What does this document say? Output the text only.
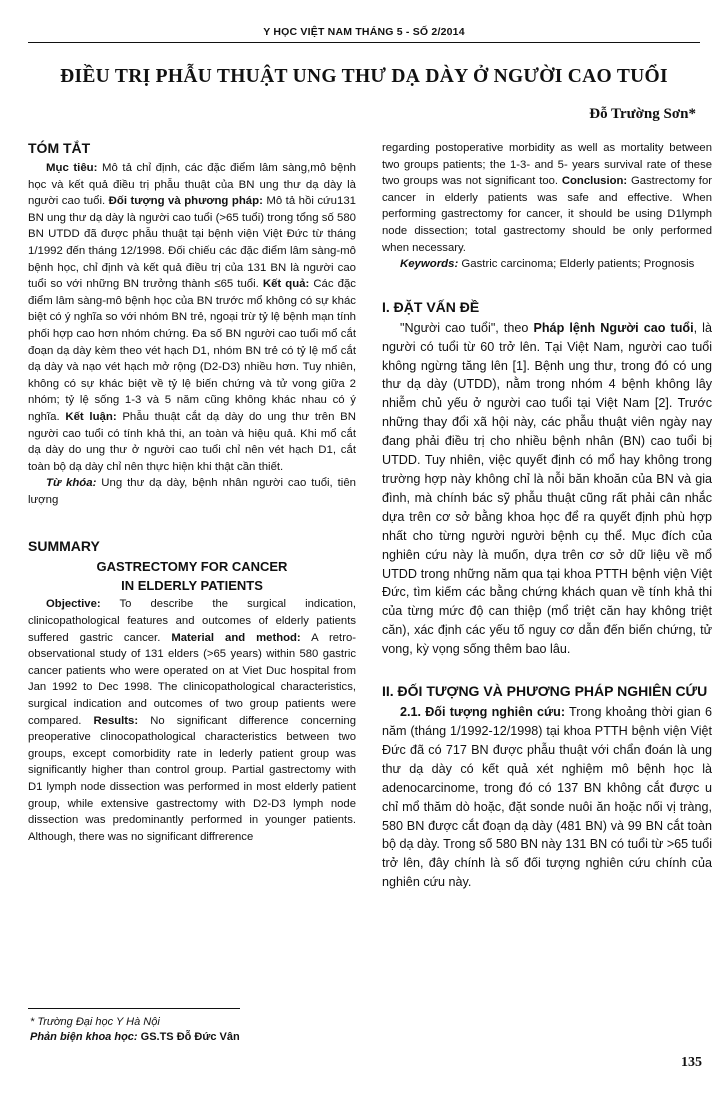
Y HỌC VIỆT NAM THÁNG 5 - SỐ 2/2014
ĐIỀU TRỊ PHẪU THUẬT UNG THƯ DẠ DÀY Ở NGƯỜI CAO TUỔI
Đỗ Trường Sơn*
TÓM TẮT

Mục tiêu: Mô tả chỉ định, các đặc điểm lâm sàng,mô bệnh học và kết quả điều trị phẫu thuật của BN ung thư dạ dày là người cao tuổi. Đối tượng và phương pháp: Mô tả hồi cứu131 BN ung thư dạ dày là người cao tuổi (>65 tuổi) trong tổng số 580 BN UTDD đã được phẫu thuật tại bệnh viện Việt Đức từ tháng 1/1992 đến tháng 12/1998. Đối chiếu các đặc điểm lâm sàng-mô bệnh học, chỉ định và kết quả điều trị của 131 BN là người cao tuổi so với những BN trưởng thành ≤65 tuổi. Kết quả: Các đặc điểm lâm sàng-mô bệnh học của BN trước mổ không có sự khác biệt có ý nghĩa so với nhóm BN trẻ, ngoại trừ tỷ lệ bệnh mạn tính phối hợp cao hơn nhóm chứng. Đa số BN người cao tuổi mổ cắt đoạn dạ dày kèm theo vét hạch D1, nhóm BN trẻ có tỷ lệ mổ cắt dạ dày và nạo vét hạch mở rộng (D2-D3) nhiều hơn. Tuy nhiên, không có sự khác biệt về tỷ lệ biến chứng và tử vong giữa 2 nhóm; tỷ lệ sống 1-3 và 5 năm cũng không khác nhau có ý nghĩa. Kết luận: Phẫu thuật cắt dạ dày do ung thư trên BN người cao tuổi có tính khả thi, an toàn và hiệu quả. Khi mổ cắt dạ dày do ung thư ở người cao tuổi chỉ nên vét hạch D1, cắt toàn bộ dạ dày chỉ nên thực hiện khi thật cần thiết.

Từ khóa: Ung thư dạ dày, bệnh nhân người cao tuổi, tiên lượng

SUMMARY
GASTRECTOMY FOR CANCER
IN ELDERLY PATIENTS

Objective: To describe the surgical indication, clinicopathological features and outcomes of elderly patients suffered gastric cancer. Material and method: A retro-observational study of 131 elders (>65 years) within 580 gastric cancer patients who were operated on at Viet Duc hospital from Jan 1992 to Dec 1998. The clinicopathological characteristics, surgical indication and outcomes of two group patients were compared. Results: No significant difference concerning preoperative clinocopathological characteristics between two groups, except comorbidity rate in lederly patient group was significantly higher than control group. Partial gastrectomy with D1 lymph node dissection was performed in most elderly patient group, while extensive gastrectomy with D2-D3 lymph node dissection was predominantly performed in younger patients. Although, there was no significant diffrerence

regarding postoperative morbidity as well as mortality between two groups patients; the 1-3- and 5- years survival rate of these two groups was not significant too. Conclusion: Gastrectomy for cancer in elderly patients was safe and effective. When performing gastrectomy for cancer, it should be using D1lymph node dissection; total gastrectomy should be only performed when necessary.

Keywords: Gastric carcinoma; Elderly patients; Prognosis

I. ĐẶT VẤN ĐỀ

"Người cao tuổi", theo Pháp lệnh Người cao tuổi, là người có tuổi từ 60 trở lên. Tại Việt Nam, người cao tuổi không ngừng tăng lên [1]. Bệnh ung thư, trong đó có ung thư dạ dày (UTDD), nằm trong nhóm 4 bệnh không lây nhiễm chủ yếu ở người cao tuổi tại Việt Nam [2]. Trước những thay đổi xã hội này, các phẫu thuật viên ngày nay đang phải điều trị cho nhiều bệnh nhân (BN) cao tuổi bị UTDD. Tuy nhiên, việc quyết định có mổ hay không trong trường hợp này không chỉ là nỗi băn khoăn của BN và gia đình, mà chính bác sỹ phẫu thuật cũng rất phải cân nhắc dựa trên cơ sở bằng khoa học để ra quyết định phù hợp nhất cho từng người người bệnh cụ thể. Mục đích của nghiên cứu này là muốn, dựa trên cơ sở dữ liệu về mổ UTDD trong những năm qua tại khoa PTTH bệnh viện Việt Đức, tìm kiếm các bằng chứng khách quan về tính khả thi của từng mức độ can thiệp (mổ triệt căn hay không triệt căn), xác định các yếu tố nguy cơ dẫn đến biến chứng, tử vong, kỳ vọng sống thêm bao lâu.

II. ĐỐI TƯỢNG VÀ PHƯƠNG PHÁP NGHIÊN CỨU

2.1. Đối tượng nghiên cứu: Trong khoảng thời gian 6 năm (tháng 1/1992-12/1998) tại khoa PTTH bệnh viện Việt Đức đã có 717 BN được phẫu thuật với chẩn đoán là ung thư dạ dày có kết quả xét nghiệm mô bệnh học là adenocarcinome, trong đó có 137 BN không cắt được u chỉ mổ thăm dò hoặc, đặt sonde nuôi ăn hoặc nối vị tràng, 580 BN được cắt đoạn dạ dày (481 BN) và 99 BN cắt toàn bộ dạ dày. Trong số 580 BN này 131 BN có tuổi từ >65 tuổi trở lên, đây chính là số đối tượng nghiên cứu chính của nghiên cứu này.

* Trường Đại học Y Hà Nội
Phản biện khoa học: GS.TS Đỗ Đức Vân
135
